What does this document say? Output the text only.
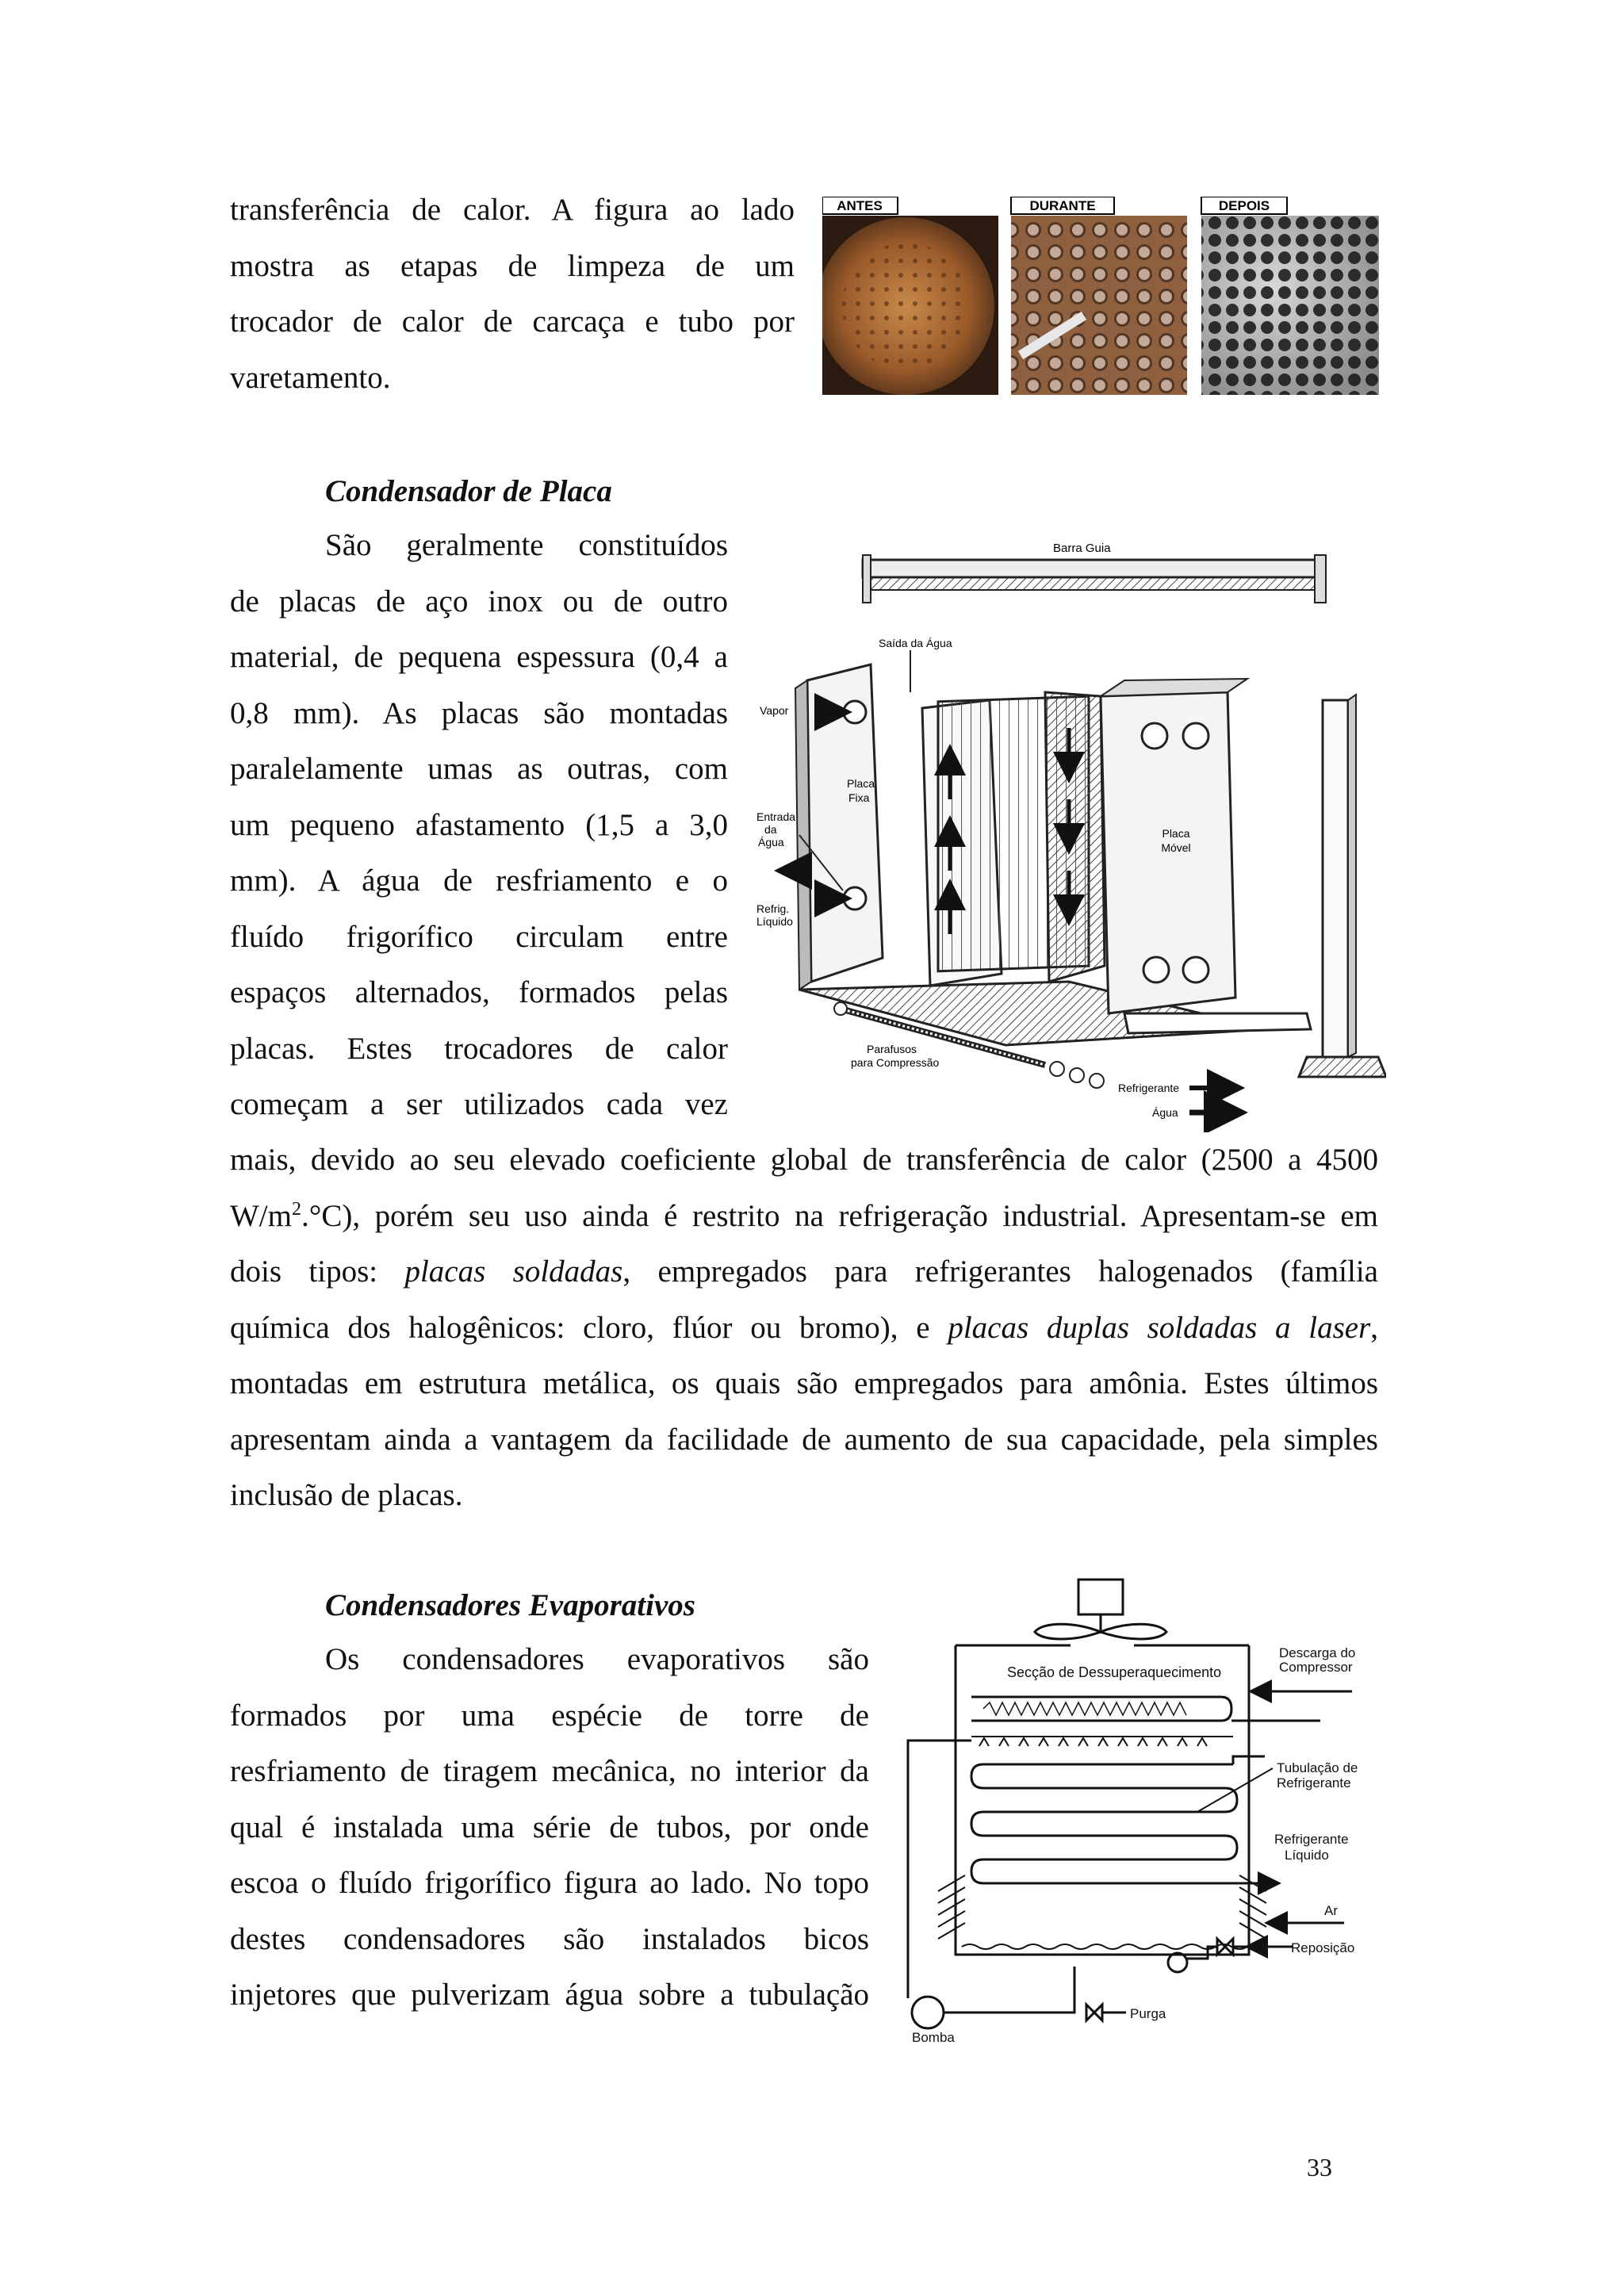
transferência de calor. A figura ao lado
mostra as etapas de limpeza de um
trocador de calor de carcaça e tubo por
varetamento.
ANTES	DURANTE	DEPOIS
Condensador de Placa
São geralmente constituídos
de placas de aço inox ou de outro
material, de pequena espessura (0,4 a
0,8 mm). As placas são montadas
paralelamente umas as outras, com
um pequeno afastamento (1,5 a 3,0
mm). A água de resfriamento e o
fluído frigorífico circulam entre
espaços alternados, formados pelas
placas. Estes trocadores de calor
começam a ser utilizados cada vez
mais, devido ao seu elevado coeficiente global de transferência de calor (2500 a 4500
$W/m^2.^\circ C$), porém seu uso ainda é restrito na refrigeração industrial. Apresentam-se em
dois tipos: placas soldadas, empregados para refrigerantes halogenados (família
química dos halogênicos: cloro, flúor ou bromo), e placas duplas soldadas a laser,
montadas em estrutura metálica, os quais são empregados para amônia. Estes últimos
apresentam ainda a vantagem da facilidade de aumento de sua capacidade, pela simples
inclusão de placas.
Barra Guia
Placa
Fixa
Placa
Móvel
Saída da Água
Vapor
Entrada
da
Água
Refrig.
Líquido
Parafusos
para Compressão
Refrigerante
Água
Condensadores Evaporativos
Os condensadores evaporativos são
formados por uma espécie de torre de
resfriamento de tiragem mecânica, no interior da
qual é instalada uma série de tubos, por onde
escoa o fluído frigorífico figura ao lado. No topo
destes condensadores são instalados bicos
injetores que pulverizam água sobre a tubulação
Secção de Dessuperaquecimento
Descarga do
Compressor
Tubulação de
Refrigerante
Refrigerante
Líquido
Ar
Reposição
Purga
Bomba
33
